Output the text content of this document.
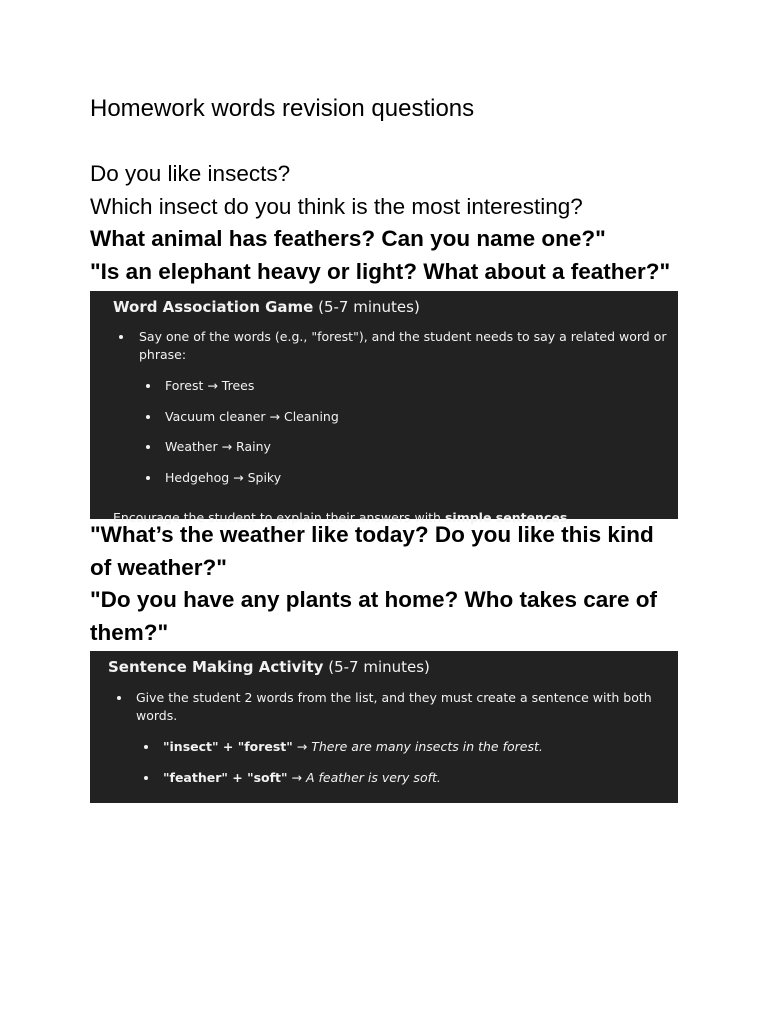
Homework words revision questions

Do you like insects?

Which insect do you think is the most interesting?

What animal has feathers? Can you name one?"

"Is an elephant heavy or light? What about a feather?"

Word Association Game (5-7 minutes)

Say one of the words (e.g., "forest"), and the student needs to say a related word or phrase:
Forest → Trees
Vacuum cleaner → Cleaning
Weather → Rainy
Hedgehog → Spiky

Encourage the student to explain their answers with simple sentences.

"What’s the weather like today? Do you like this kind of weather?"

"Do you have any plants at home? Who takes care of them?"

Sentence Making Activity (5-7 minutes)

Give the student 2 words from the list, and they must create a sentence with both words.
"insect" + "forest" → There are many insects in the forest.
"feather" + "soft" → A feather is very soft.
